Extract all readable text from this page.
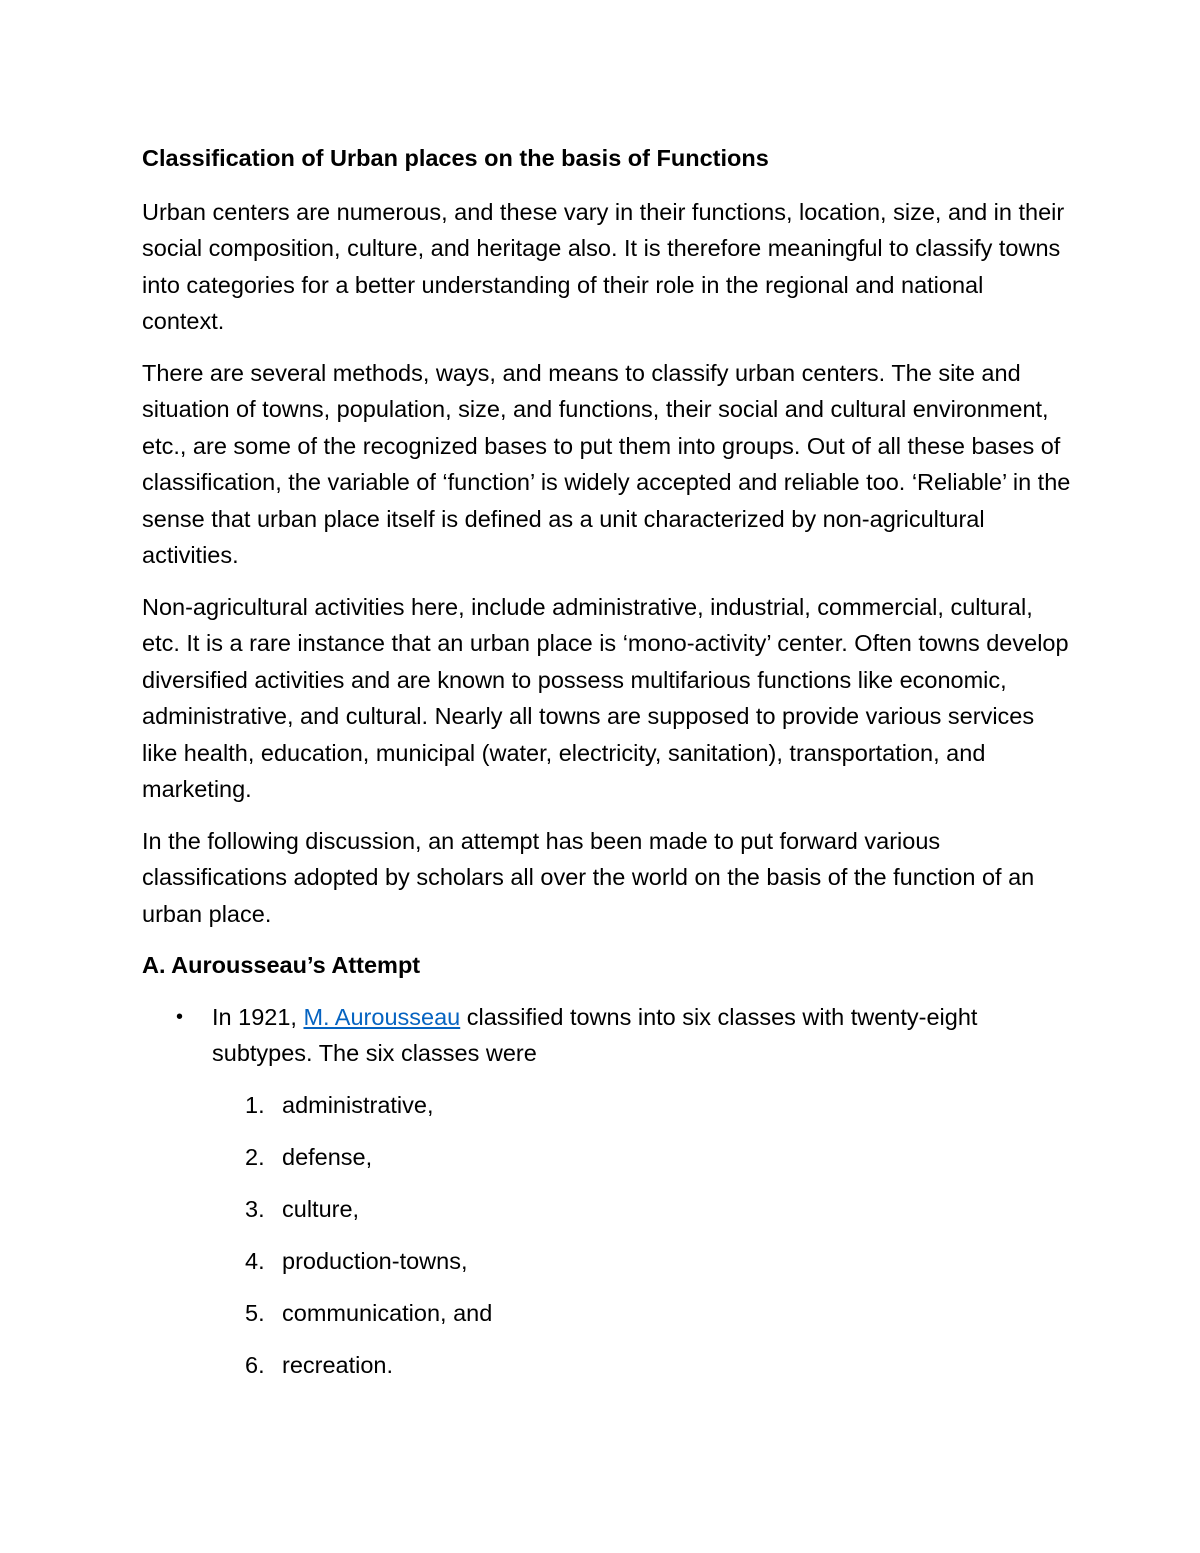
Classification of Urban places on the basis of Functions

Urban centers are numerous, and these vary in their functions, location, size, and in their social composition, culture, and heritage also. It is therefore meaningful to classify towns into categories for a better understanding of their role in the regional and national context.

There are several methods, ways, and means to classify urban centers. The site and situation of towns, population, size, and functions, their social and cultural environment, etc., are some of the recognized bases to put them into groups. Out of all these bases of classification, the variable of ‘function’ is widely accepted and reliable too. ‘Reliable’ in the sense that urban place itself is defined as a unit characterized by non-agricultural activities.

Non-agricultural activities here, include administrative, industrial, commercial, cultural, etc. It is a rare instance that an urban place is ‘mono-activity’ center. Often towns develop diversified activities and are known to possess multifarious functions like economic, administrative, and cultural. Nearly all towns are supposed to provide various services like health, education, municipal (water, electricity, sanitation), transportation, and marketing.

In the following discussion, an attempt has been made to put forward various classifications adopted by scholars all over the world on the basis of the function of an urban place.

A. Aurousseau’s Attempt
• In 1921, M. Aurousseau classified towns into six classes with twenty-eight subtypes. The six classes were
1. administrative,
2. defense,
3. culture,
4. production-towns,
5. communication, and
6. recreation.
